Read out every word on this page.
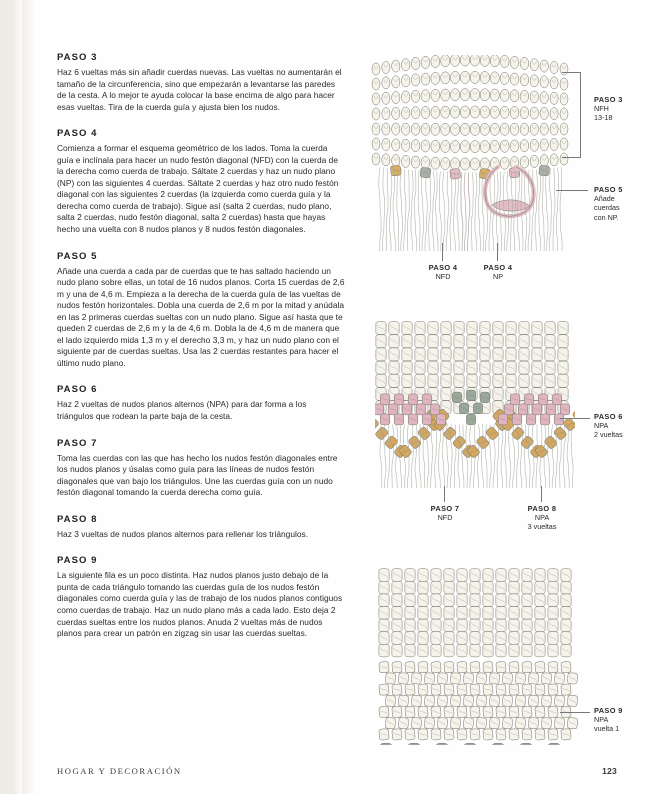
PASO 3

Haz 6 vueltas más sin añadir cuerdas nuevas. Las vueltas no aumentarán el tamaño de la circunferencia, sino que empezarán a levantarse las paredes de la cesta. A lo mejor te ayuda colocar la base encima de algo para hacer esas vueltas. Tira de la cuerda guía y ajusta bien los nudos.

PASO 4

Comienza a formar el esquema geométrico de los lados. Toma la cuerda guía e inclínala para hacer un nudo festón diagonal (NFD) con la cuerda de la derecha como cuerda de trabajo. Sáltate 2 cuerdas y haz un nudo plano (NP) con las siguientes 4 cuerdas. Sáltate 2 cuerdas y haz otro nudo festón diagonal con las siguientes 2 cuerdas (la izquierda como cuerda guía y la derecha como cuerda de trabajo). Sigue así (salta 2 cuerdas, nudo plano, salta 2 cuerdas, nudo festón diagonal, salta 2 cuerdas) hasta que hayas hecho una vuelta con 8 nudos planos y 8 nudos festón diagonales.

PASO 5

Añade una cuerda a cada par de cuerdas que te has saltado haciendo un nudo plano sobre ellas, un total de 16 nudos planos. Corta 15 cuerdas de 2,6 m y una de 4,6 m. Empieza a la derecha de la cuerda guía de las vueltas de nudos festón horizontales. Dobla una cuerda de 2,6 m por la mitad y anúdala en las 2 primeras cuerdas sueltas con un nudo plano. Sigue así hasta que te queden 2 cuerdas de 2,6 m y la de 4,6 m. Dobla la de 4,6 m de manera que el lado izquierdo mida 1,3 m y el derecho 3,3 m, y haz un nudo plano con el siguiente par de cuerdas sueltas. Usa las 2 cuerdas restantes para hacer el último nudo plano.

PASO 6

Haz 2 vueltas de nudos planos alternos (NPA) para dar forma a los triángulos que rodean la parte baja de la cesta.

PASO 7

Toma las cuerdas con las que has hecho los nudos festón diagonales entre los nudos planos y úsalas como guía para las líneas de nudos festón diagonales que van bajo los triángulos. Une las cuerdas guía con un nudo festón diagonal tomando la cuerda derecha como guía.

PASO 8

Haz 3 vueltas de nudos planos alternos para rellenar los triángulos.

PASO 9

La siguiente fila es un poco distinta. Haz nudos planos justo debajo de la punta de cada triángulo tomando las cuerdas guía de los nudos festón diagonales como cuerda guía y las de trabajo de los nudos planos contiguos como cuerdas de trabajo. Haz un nudo plano más a cada lado. Esto deja 2 cuerdas sueltas entre los nudos planos. Anuda 2 vueltas más de nudos planos para crear un patrón en zigzag sin usar las cuerdas sueltas.

PASO 3
NFH
13-18
PASO 5
Añade
cuerdas
con NP.
PASO 4
NFD
PASO 4
NP
PASO 6
NPA
2 vueltas
PASO 7
NFD
PASO 8
NPA
3 vueltas
PASO 9
NPA
vuelta 1
HOGAR Y DECORACIÓN	123
